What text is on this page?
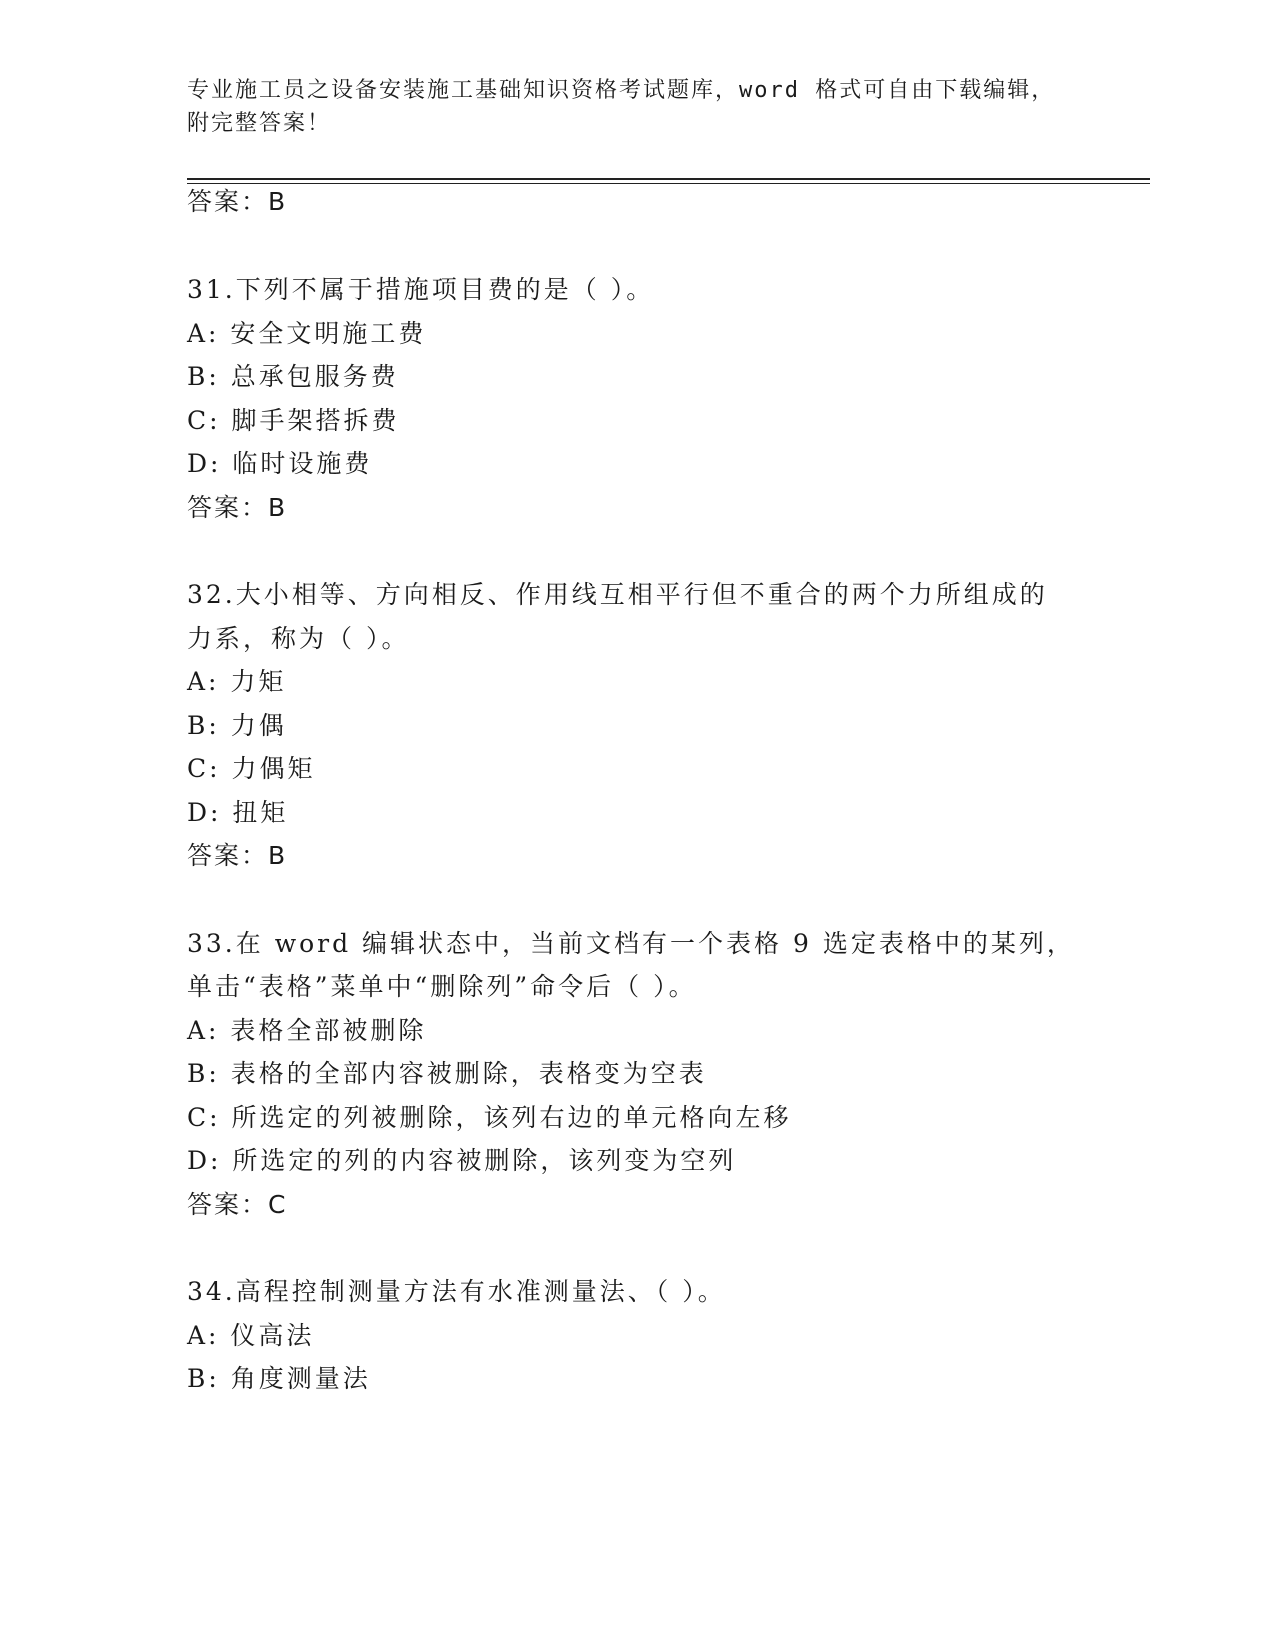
专业施工员之设备安装施工基础知识资格考试题库，word 格式可自由下载编辑，
附完整答案！
答案：B
31.下列不属于措施项目费的是（ ）。
A: 安全文明施工费
B: 总承包服务费
C: 脚手架搭拆费
D: 临时设施费
答案：B
32.大小相等、方向相反、作用线互相平行但不重合的两个力所组成的
力系，称为（ ）。
A: 力矩
B: 力偶
C: 力偶矩
D: 扭矩
答案：B
33.在 word 编辑状态中，当前文档有一个表格 9 选定表格中的某列，
单击“表格”菜单中“删除列”命令后（ ）。
A: 表格全部被删除
B: 表格的全部内容被删除，表格变为空表
C: 所选定的列被删除，该列右边的单元格向左移
D: 所选定的列的内容被删除，该列变为空列
答案：C
34.高程控制测量方法有水准测量法、（ ）。
A: 仪高法
B: 角度测量法
